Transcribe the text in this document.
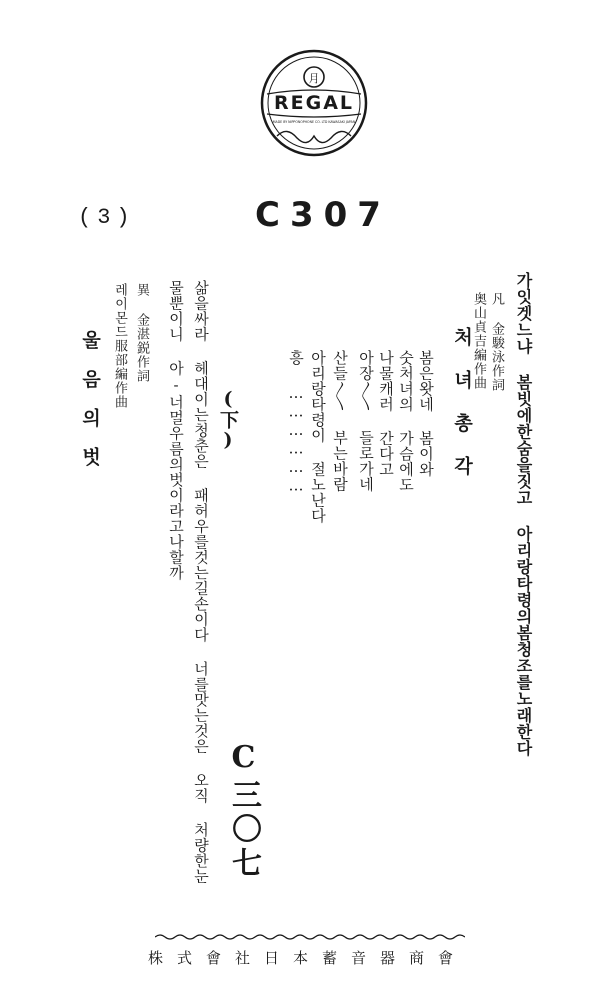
月
REGAL
MADE BY NIPPONOPHONE CO. LTD KAWASAKI JAPAN
(3)	C307
가잇겟느냐 봄빗에한숨을짓고 아리랑타령의봄청조를노래한다
凡 金駿泳作詞
奥山貞吉編作曲
처녀총각
봄은왓네 봄이와
숫처녀의 가슴에도
나물캐러 간다고
아장〳〵 들로가네
산들〳〵 부는바람
아리랑타령이 절노난다
흥 ………………
(下)
C三〇七
삶을싸라 헤대이는청춘은 패허우를것는길손이다 너를맛는것은 오직 처량한눈
물뿐이니 아-너멀우름의벗이라고나할까
異 金湛鋭作詞
레이몬드服部編作曲
울음의벗
株式會社日本蓄音器商會
